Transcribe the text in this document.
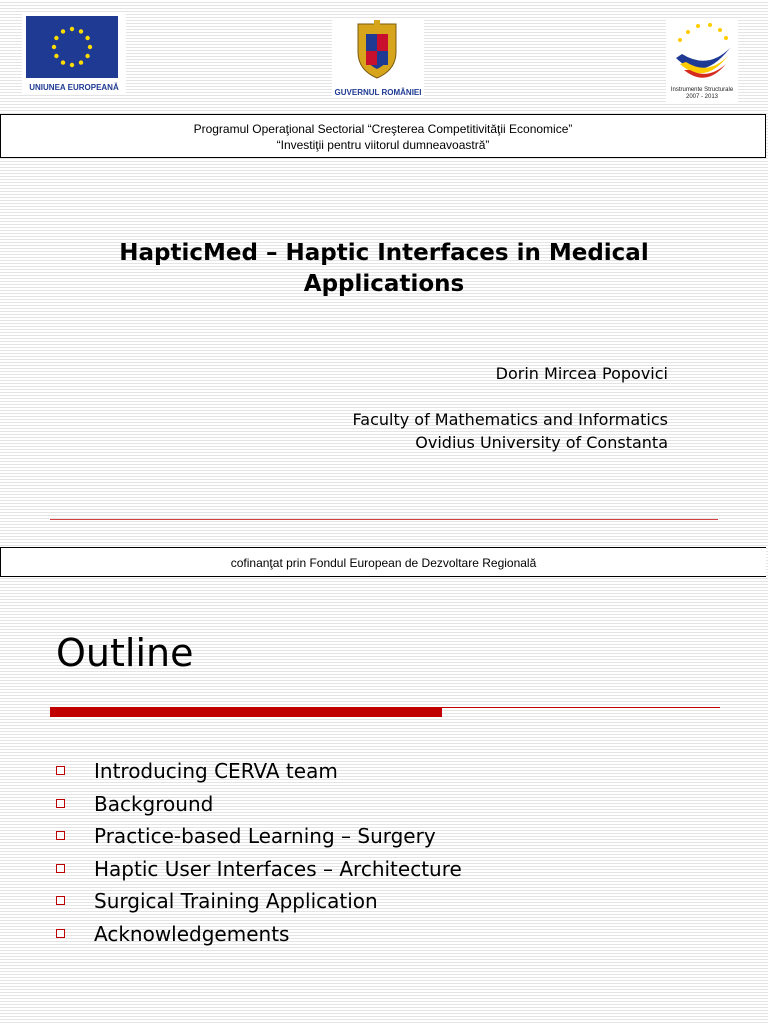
UNIUNEA EUROPEANĂ
GUVERNUL ROMÂNIEI	Instrumente Structurale
2007 - 2013
Programul Operaţional Sectorial “Creşterea Competitivităţii Economice”
“Investiţii pentru viitorul dumneavoastră”
HapticMed – Haptic Interfaces in Medical
Applications
Dorin Mircea Popovici
Faculty of Mathematics and Informatics
Ovidius University of Constanta
cofinanţat prin Fondul European de Dezvoltare Regională
Outline
Introducing CERVA team
Background
Practice-based Learning – Surgery
Haptic User Interfaces – Architecture
Surgical Training Application
Acknowledgements
